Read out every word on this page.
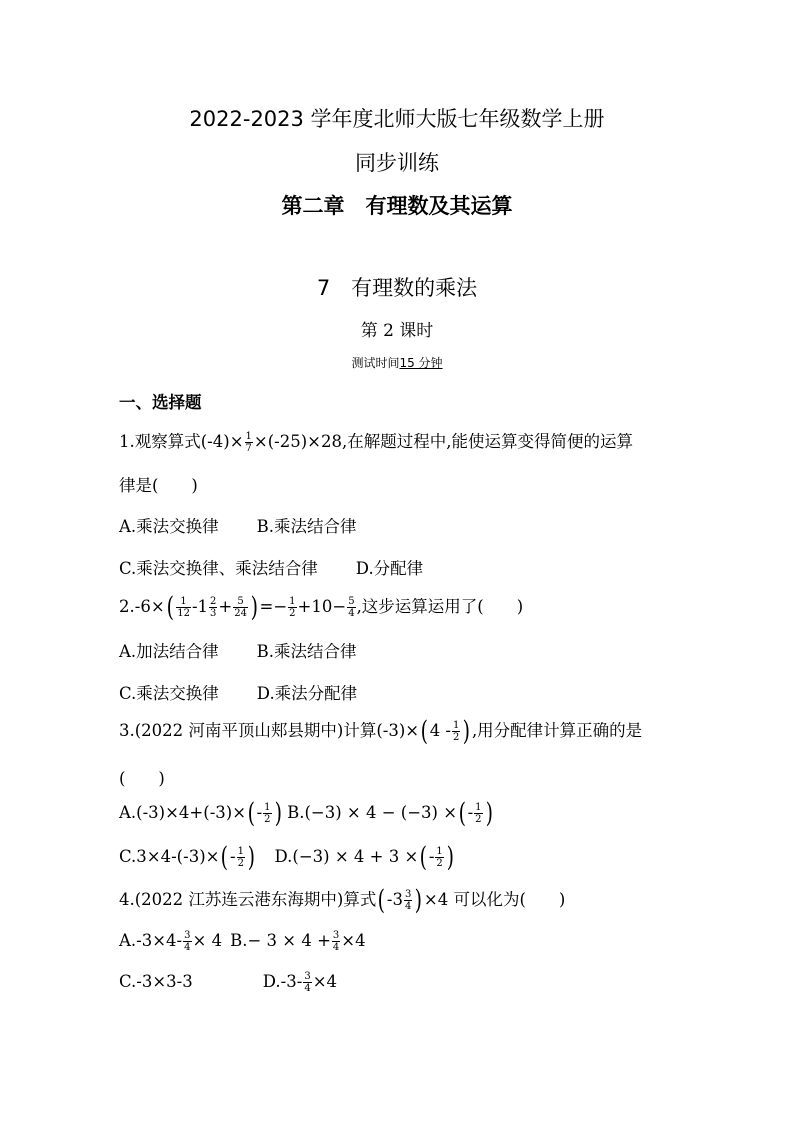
2022-2023 学年度北师大版七年级数学上册
同步训练
第二章　有理数及其运算
7　有理数的乘法
第 2 课时
测试时间15 分钟
一、选择题
1.观察算式$(-4)\times \frac{1}{7} \times(-25)\times 28$,在解题过程中,能使运算变得简便的运算
律是(　　)
A.乘法交换律 B.乘法结合律
C.乘法交换律、乘法结合律 D.分配律
$2.-6\times( \frac{1}{12} -1 \frac{2}{3} + \frac{5}{24}$ )=− $\frac{1}{2} +10- \frac{5}{4}$ ,这步运算运用了(　　)
A.加法结合律 B.乘法结合律
C.乘法交换律 D.乘法分配律
3.(2022 河南平顶山郏县期中)计算$(-3)\times(4 - \frac{1}{2}$ ),用分配律计算正确的是
(　　)
$A.(-3)\times 4+(-3)\times(- \frac{1}{2}$ ) B.(−3) × 4 − (−3) ×(- $\frac{1}{2}$ )
$C.3\times 4-(-3)\times(- \frac{1}{2}$ ) D.(−3) × 4 + 3 ×(- $\frac{1}{2}$ )
4.(2022 江苏连云港东海期中)算式$(-3 \frac{3}{4} )\times 4$ 可以化为(　　)
$A.-3\times 4- \frac{3}{4} \times 4$ $B.- 3 \times 4 + \frac{3}{4} \times 4$
C.-3×3-3	$D.-3- \frac{3}{4} \times 4$
